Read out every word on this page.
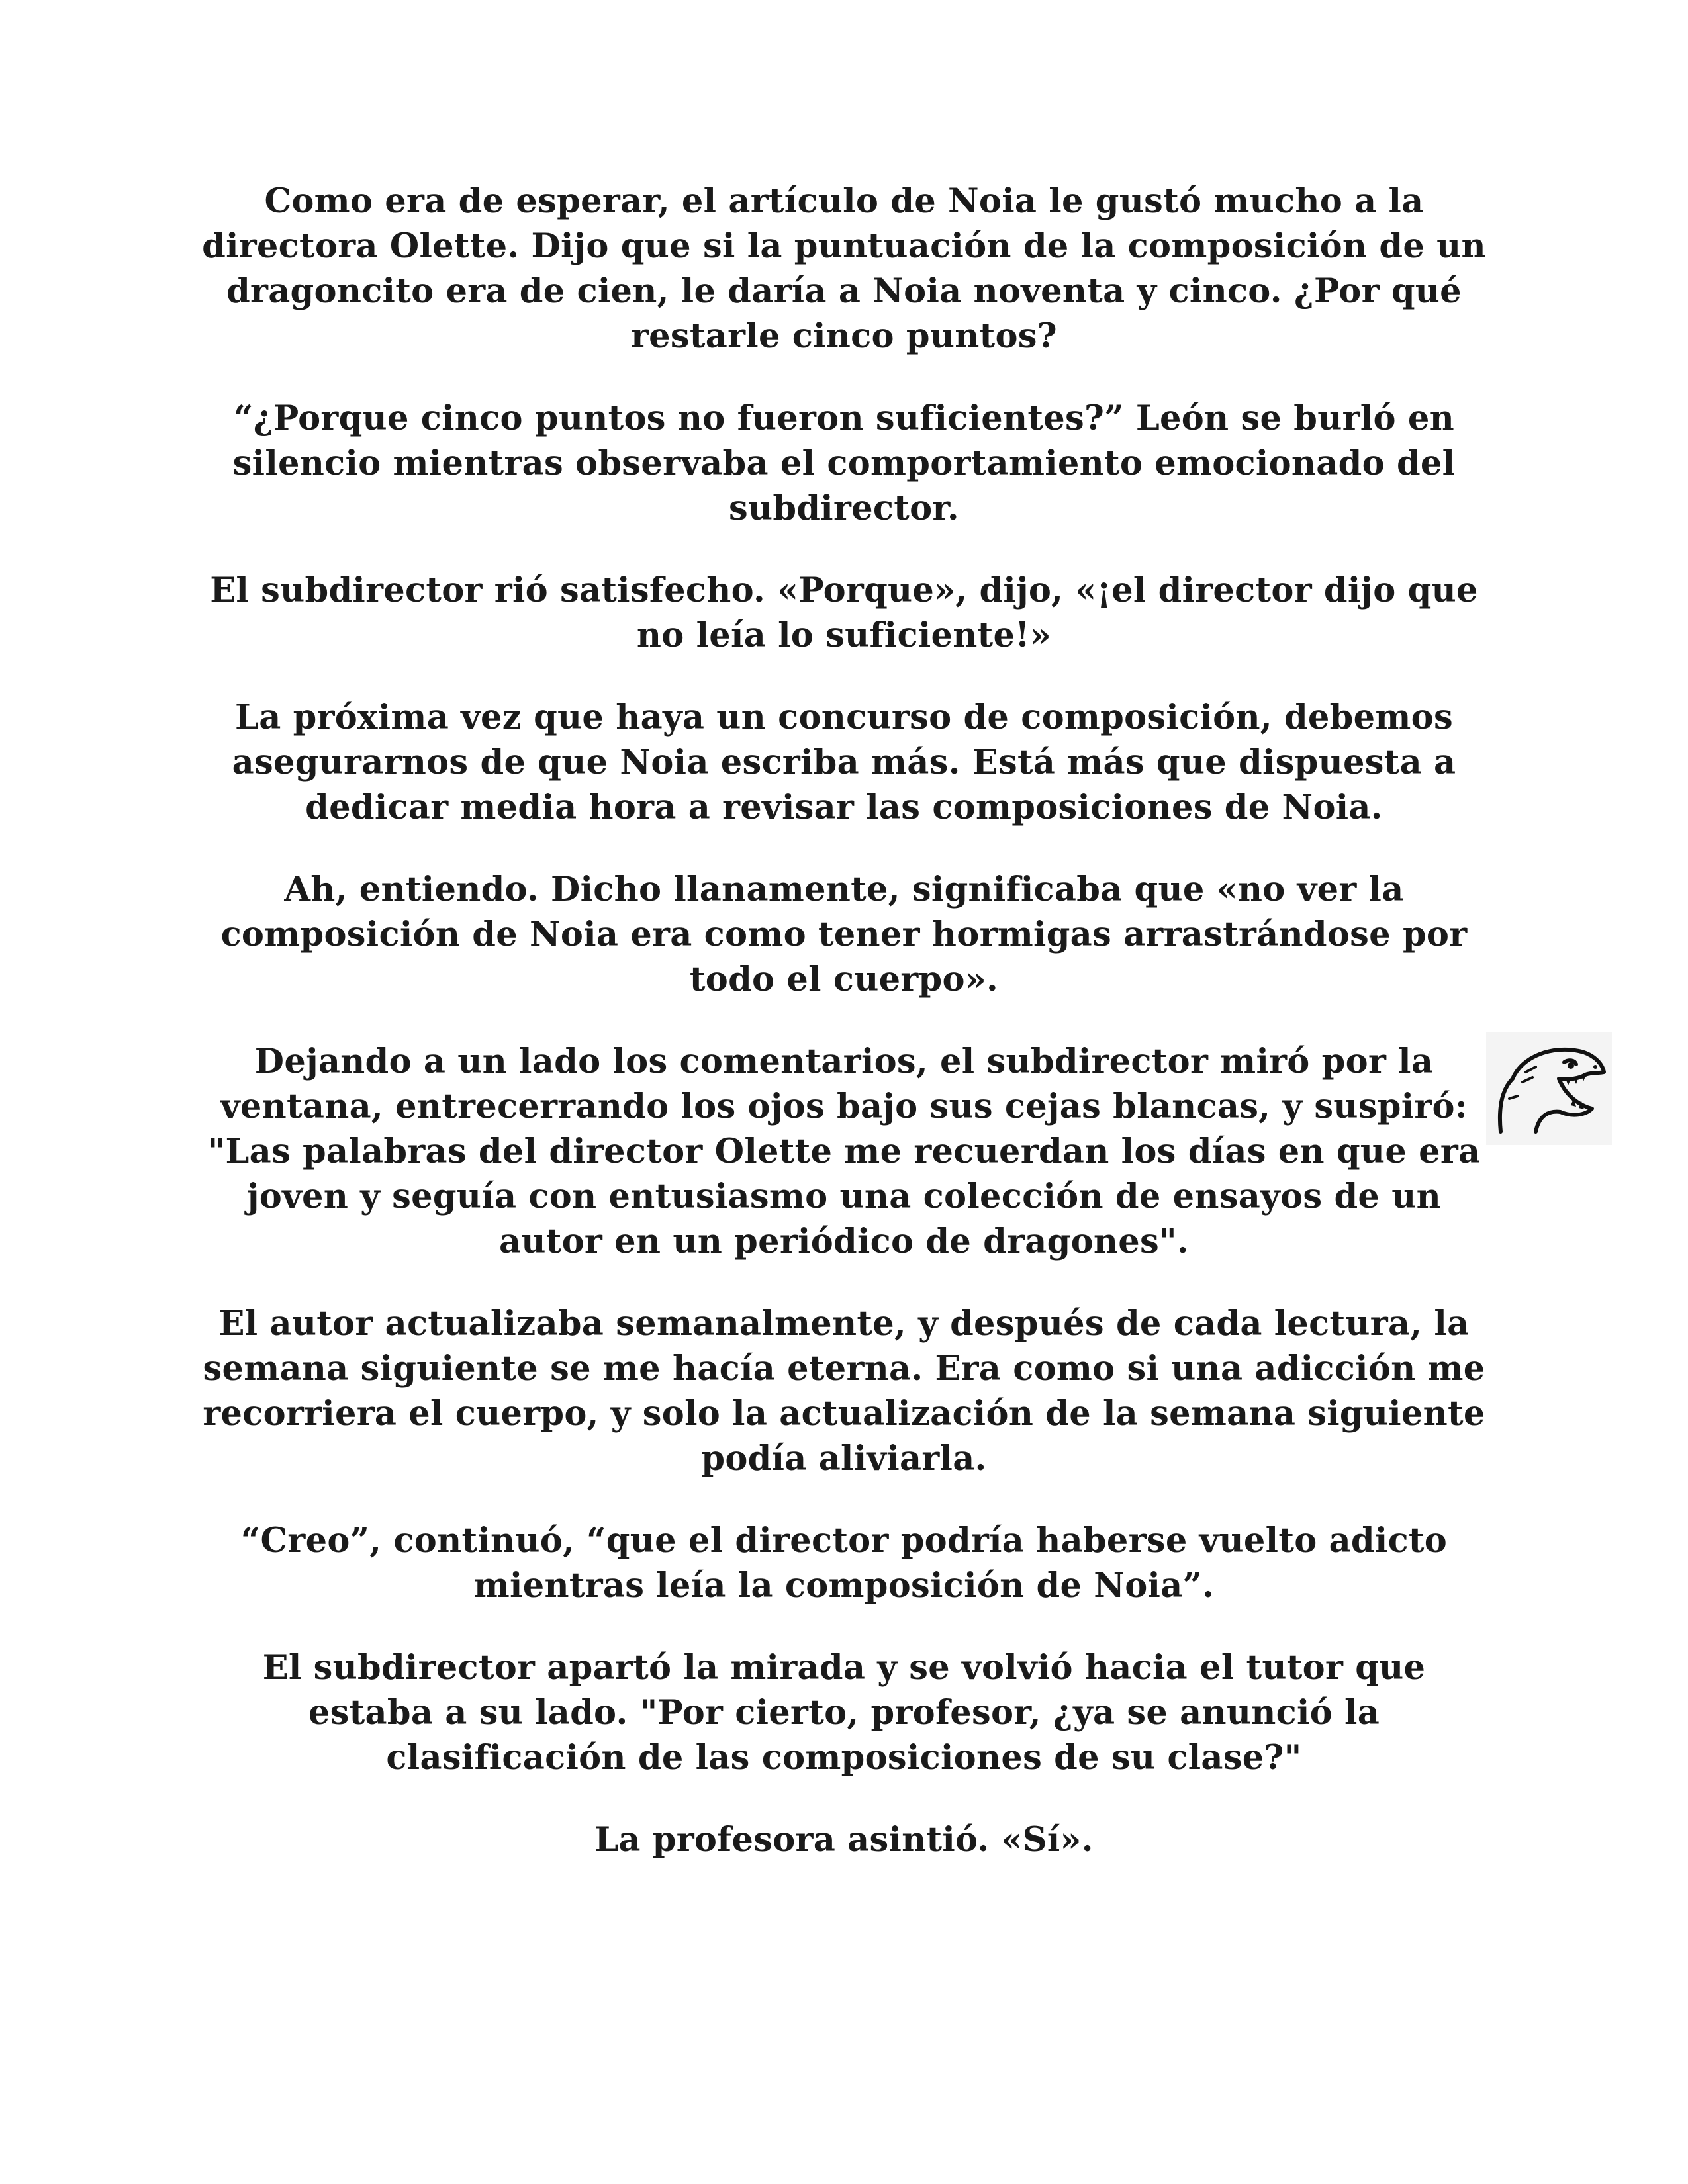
Como era de esperar, el artículo de Noia le gustó mucho a la directora Olette. Dijo que si la puntuación de la composición de un dragoncito era de cien, le daría a Noia noventa y cinco. ¿Por qué restarle cinco puntos?

“¿Porque cinco puntos no fueron suficientes?” León se burló en silencio mientras observaba el comportamiento emocionado del subdirector.

El subdirector rió satisfecho. «Porque», dijo, «¡el director dijo que no leía lo suficiente!»

La próxima vez que haya un concurso de composición, debemos asegurarnos de que Noia escriba más. Está más que dispuesta a dedicar media hora a revisar las composiciones de Noia.

Ah, entiendo. Dicho llanamente, significaba que «no ver la composición de Noia era como tener hormigas arrastrándose por todo el cuerpo».

Dejando a un lado los comentarios, el subdirector miró por la ventana, entrecerrando los ojos bajo sus cejas blancas, y suspiró: "Las palabras del director Olette me recuerdan los días en que era joven y seguía con entusiasmo una colección de ensayos de un autor en un periódico de dragones".

El autor actualizaba semanalmente, y después de cada lectura, la semana siguiente se me hacía eterna. Era como si una adicción me recorriera el cuerpo, y solo la actualización de la semana siguiente podía aliviarla.

“Creo”, continuó, “que el director podría haberse vuelto adicto mientras leía la composición de Noia”.

El subdirector apartó la mirada y se volvió hacia el tutor que estaba a su lado. "Por cierto, profesor, ¿ya se anunció la clasificación de las composiciones de su clase?"

La profesora asintió. «Sí».
